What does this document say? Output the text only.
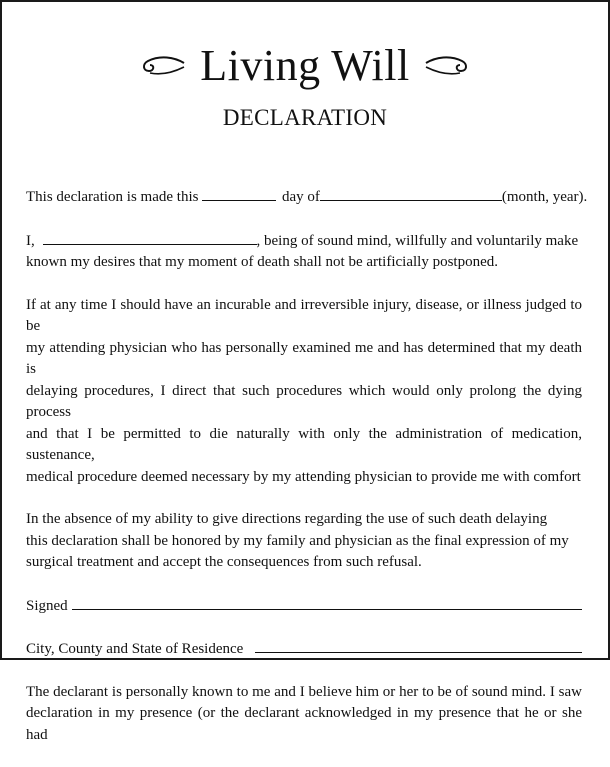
Living Will
DECLARATION
This declaration is made this	day of	(month, year).
I,	, being of sound mind, willfully and voluntarily make
known my desires that my moment of death shall not be artificially postponed.
If at any time I should have an incurable and irreversible injury, disease, or illness judged to be
my attending physician who has personally examined me and has determined that my death is
delaying procedures, I direct that such procedures which would only prolong the dying process
and that I be permitted to die naturally with only the administration of medication, sustenance,
medical procedure deemed necessary by my attending physician to provide me with comfort
In the absence of my ability to give directions regarding the use of such death delaying
this declaration shall be honored by my family and physician as the final expression of my
surgical treatment and accept the consequences from such refusal.
Signed
City, County and State of Residence
The declarant is personally known to me and I believe him or her to be of sound mind. I saw
declaration in my presence (or the declarant acknowledged in my presence that he or she had
